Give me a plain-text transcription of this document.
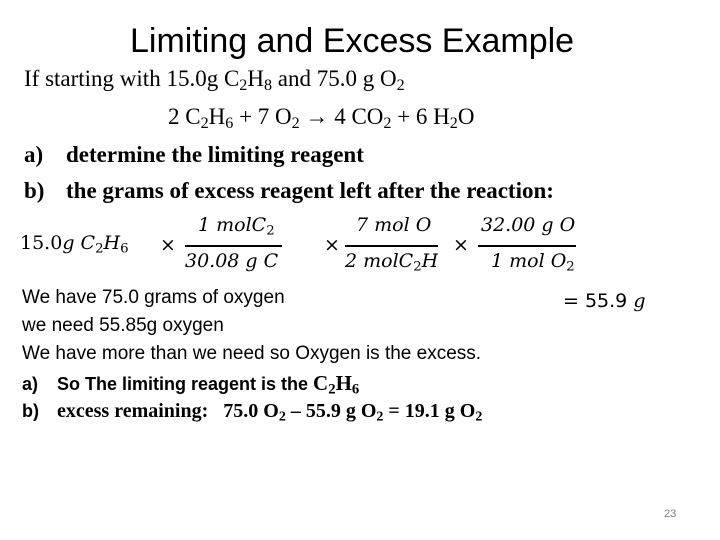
Limiting and Excess Example
If starting with 15.0g $C_2H_8$ and 75.0 g $O_2$
2 $C_2H_6 + 7$ $O_2 \to 4$ $CO_2 + 6$ $H_2O$
a) determine the limiting reagent
b) the grams of excess reagent left after the reaction:
15.0g $C_2H_6$ ×
1 molC$_2$
30.08 g C
×
7 mol O
2 molC$_2$H
×
32.00 g O
1 mol $O_2$
= 55.9 g
We have 75.0 grams of oxygen
we need 55.85g oxygen
We have more than we need so Oxygen is the excess.
a) So The limiting reagent is the $C_2H_6$
b) excess remaining:   75.0 $O_2 - 55.9$ g $O_2 = 19.1$ g $O_2$
23
